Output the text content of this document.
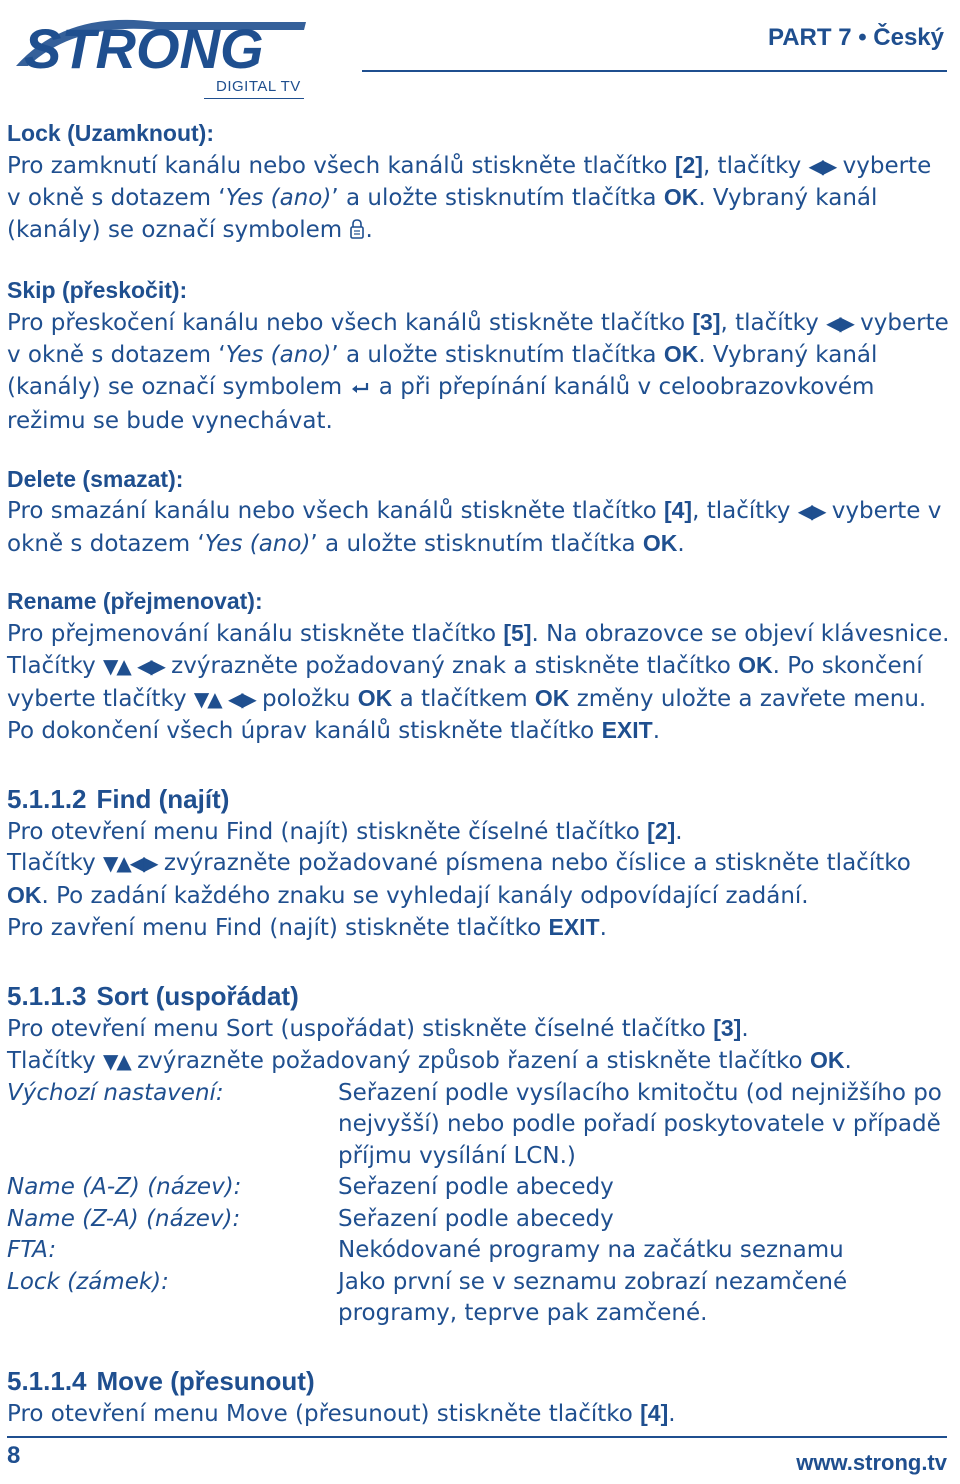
STRONG
DIGITAL TV
PART 7 • Český

Lock (Uzamknout):

Pro zamknutí kanálu nebo všech kanálů stiskněte tlačítko [2], tlačítky ◀▶ vyberte v okně s dotazem ‘Yes (ano)’ a uložte stisknutím tlačítka OK. Vybraný kanál (kanály) se označí symbolem .

Skip (přeskočit):

Pro přeskočení kanálu nebo všech kanálů stiskněte tlačítko [3], tlačítky ◀▶ vyberte v okně s dotazem ‘Yes (ano)’ a uložte stisknutím tlačítka OK. Vybraný kanál (kanály) se označí symbolem  a při přepínání kanálů v celoobrazovkovém režimu se bude vynechávat.

Delete (smazat):

Pro smazání kanálu nebo všech kanálů stiskněte tlačítko [4], tlačítky ◀▶ vyberte v okně s dotazem ‘Yes (ano)’ a uložte stisknutím tlačítka OK.

Rename (přejmenovat):

Pro přejmenování kanálu stiskněte tlačítko [5]. Na obrazovce se objeví klávesnice.
Tlačítky ▼▲ ◀▶ zvýrazněte požadovaný znak a stiskněte tlačítko OK. Po skončení vyberte tlačítky ▼▲ ◀▶ položku OK a tlačítkem OK změny uložte a zavřete menu.
Po dokončení všech úprav kanálů stiskněte tlačítko EXIT.

5.1.1.2 Find (najít)

Pro otevření menu Find (najít) stiskněte číselné tlačítko [2].
Tlačítky ▼▲◀▶ zvýrazněte požadované písmena nebo číslice a stiskněte tlačítko OK. Po zadání každého znaku se vyhledají kanály odpovídající zadání.
Pro zavření menu Find (najít) stiskněte tlačítko EXIT.

5.1.1.3 Sort (uspořádat)

Pro otevření menu Sort (uspořádat) stiskněte číselné tlačítko [3].
Tlačítky ▼▲ zvýrazněte požadovaný způsob řazení a stiskněte tlačítko OK.

Výchozí nastavení:	Seřazení podle vysílacího kmitočtu (od nejnižšího po nejvyšší) nebo podle pořadí poskytovatele v případě příjmu vysílání LCN.)
Name (A-Z) (název):	Seřazení podle abecedy
Name (Z-A) (název):	Seřazení podle abecedy
FTA:	Nekódované programy na začátku seznamu
Lock (zámek):	Jako první se v seznamu zobrazí nezamčené programy, teprve pak zamčené.

5.1.1.4 Move (přesunout)

Pro otevření menu Move (přesunout) stiskněte tlačítko [4].

8	www.strong.tv
